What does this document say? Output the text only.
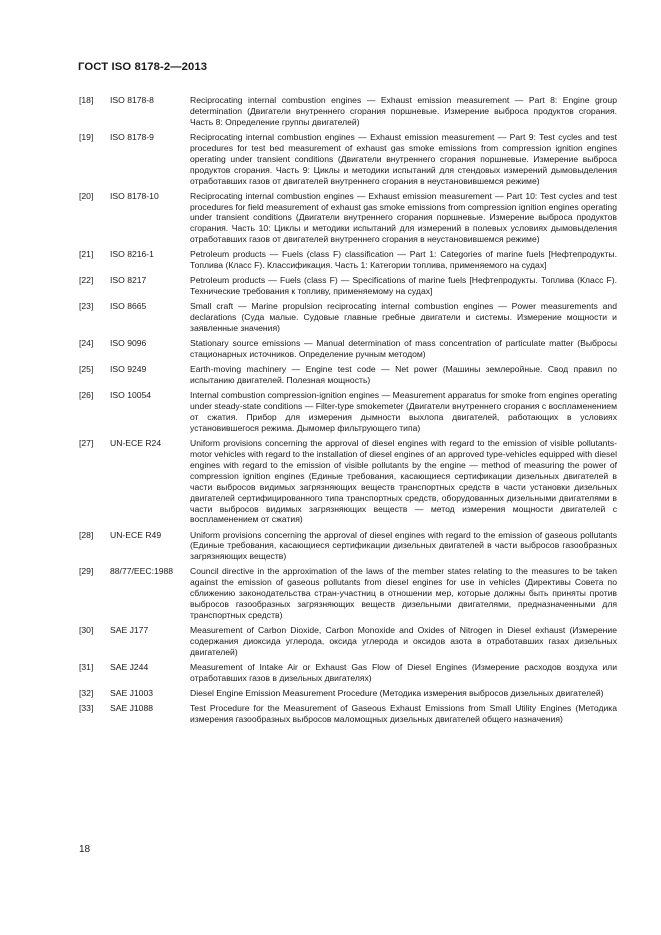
ГОСТ ISO 8178-2—2013
[18]	ISO 8178-8	Reciprocating internal combustion engines — Exhaust emission measurement — Part 8: Engine group determination (Двигатели внутреннего сгорания поршневые. Измерение выброса продуктов сгорания. Часть 8: Определение группы двигателей)
[19]	ISO 8178-9	Reciprocating internal combustion engines — Exhaust emission measurement — Part 9: Test cycles and test procedures for test bed measurement of exhaust gas smoke emissions from compression ignition engines operating under transient conditions (Двигатели внутреннего сгорания поршневые. Измерение выброса продуктов сгорания. Часть 9: Циклы и методики испытаний для стендовых измерений дымовыделения отработавших газов от двигателей внутреннего сгорания в неустановившемся режиме)
[20]	ISO 8178-10	Reciprocating internal combustion engines — Exhaust emission measurement — Part 10: Test cycles and test procedures for field measurement of exhaust gas smoke emissions from compression ignition engines operating under transient conditions (Двигатели внутреннего сгорания поршневые. Измерение выброса продуктов сгорания. Часть 10: Циклы и методики испытаний для измерений в полевых условиях дымовыделения отработавших газов от двигателей внутреннего сгорания в неустановившемся режиме)
[21]	ISO 8216-1	Petroleum products — Fuels (class F) classification — Part 1: Categories of marine fuels [Нефтепродукты. Топлива (Класс F). Классификация. Часть 1: Категории топлива, применяемого на судах]
[22]	ISO 8217	Petroleum products — Fuels (class F) — Specifications of marine fuels [Нефтепродукты. Топлива (Класс F). Технические требования к топливу, применяемому на судах]
[23]	ISO 8665	Small craft — Marine propulsion reciprocating internal combustion engines — Power measurements and declarations (Суда малые. Судовые главные гребные двигатели и системы. Измерение мощности и заявленные значения)
[24]	ISO 9096	Stationary source emissions — Manual determination of mass concentration of particulate matter (Выбросы стационарных источников. Определение ручным методом)
[25]	ISO 9249	Earth-moving machinery — Engine test code — Net power (Машины землеройные. Свод правил по испытанию двигателей. Полезная мощность)
[26]	ISO 10054	Internal combustion compression-ignition engines — Measurement apparatus for smoke from engines operating under steady-state conditions — Filter-type smokemeter (Двигатели внутреннего сгорания с воспламенением от сжатия. Прибор для измерения дымности выхлопа двигателей, работающих в условиях установившегося режима. Дымомер фильтрующего типа)
[27]	UN-ECE R24	Uniform provisions concerning the approval of diesel engines with regard to the emission of visible pollutants-motor vehicles with regard to the installation of diesel engines of an approved type-vehicles equipped with diesel engines with regard to the emission of visible pollutants by the engine — method of measuring the power of compression ignition engines (Единые требования, касающиеся сертификации дизельных двигателей в части выбросов видимых загрязняющих веществ транспортных средств в части установки дизельных двигателей сертифицированного типа транспортных средств, оборудованных дизельными двигателями в части выбросов видимых загрязняющих веществ — метод измерения мощности двигателей с воспламенением от сжатия)
[28]	UN-ECE R49	Uniform provisions concerning the approval of diesel engines with regard to the emission of gaseous pollutants (Единые требования, касающиеся сертификации дизельных двигателей в части выбросов газообразных загрязняющих веществ)
[29]	88/77/EEC:1988	Council directive in the approximation of the laws of the member states relating to the measures to be taken against the emission of gaseous pollutants from diesel engines for use in vehicles (Директивы Совета по сближению законодательства стран-участниц в отношении мер, которые должны быть приняты против выбросов газообразных загрязняющих веществ дизельными двигателями, предназначенными для транспортных средств)
[30]	SAE J177	Measurement of Carbon Dioxide, Carbon Monoxide and Oxides of Nitrogen in Diesel exhaust (Измерение содержания диоксида углерода, оксида углерода и оксидов азота в отработавших газах дизельных двигателей)
[31]	SAE J244	Measurement of Intake Air or Exhaust Gas Flow of Diesel Engines (Измерение расходов воздуха или отработавших газов в дизельных двигателях)
[32]	SAE J1003	Diesel Engine Emission Measurement Procedure (Методика измерения выбросов дизельных двигателей)
[33]	SAE J1088	Test Procedure for the Measurement of Gaseous Exhaust Emissions from Small Utility Engines (Методика измерения газообразных выбросов маломощных дизельных двигателей общего назначения)
18
